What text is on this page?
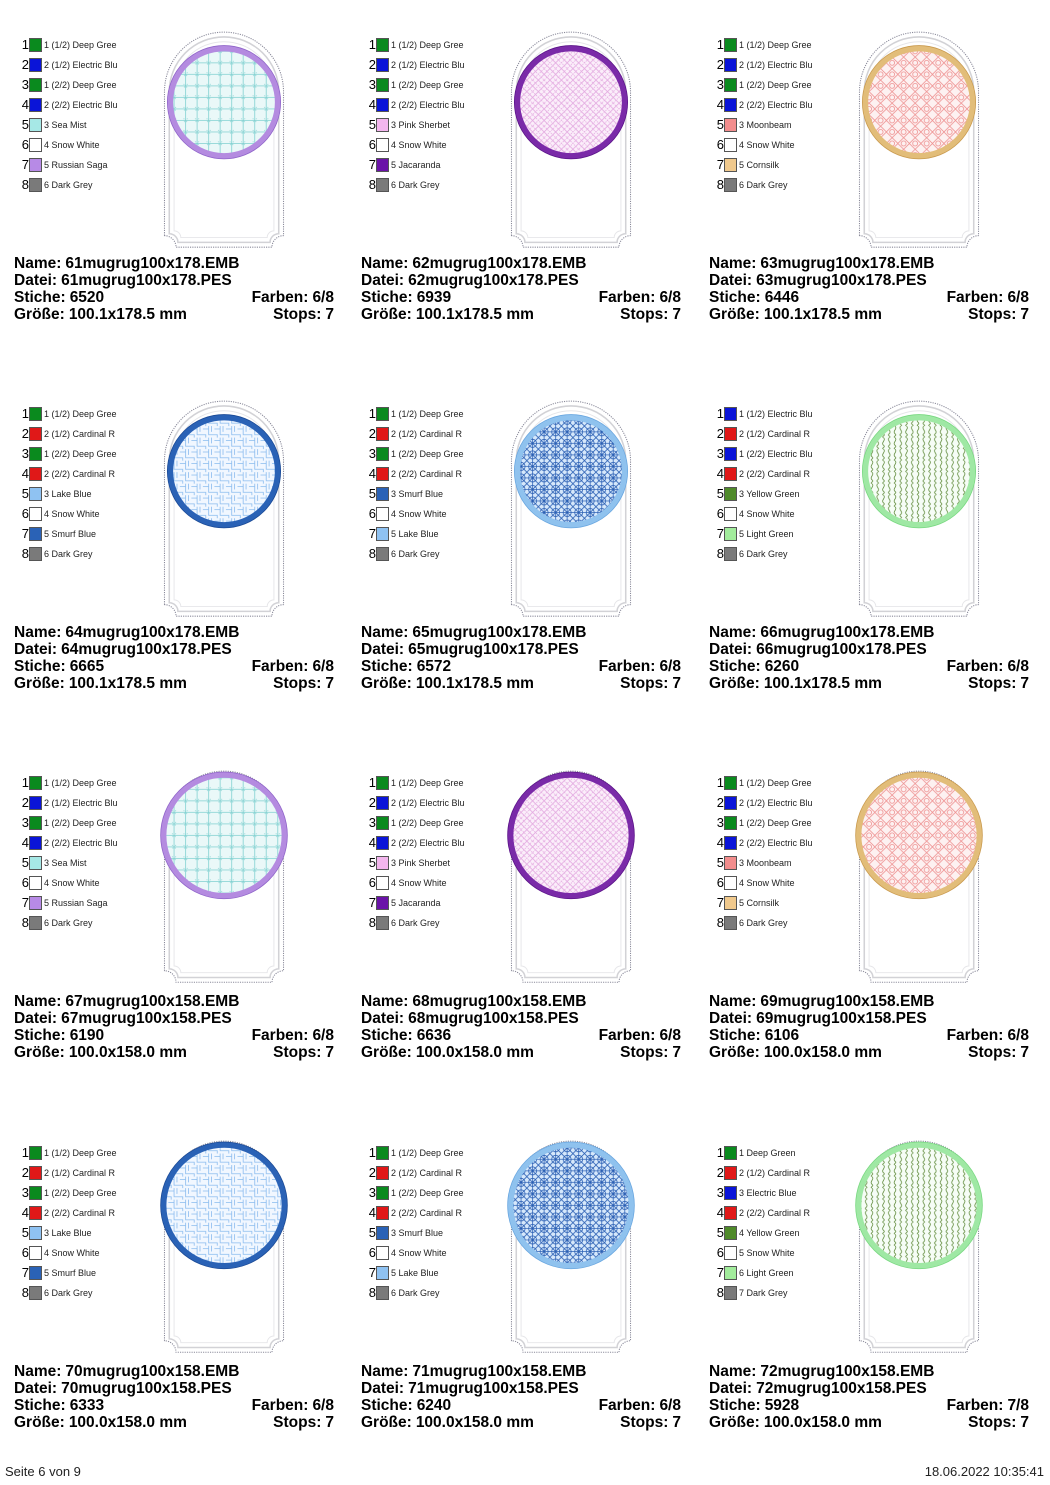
1 1 (1/2) Deep Gree
2 2 (1/2) Electric Blu
3 1 (2/2) Deep Gree
4 2 (2/2) Electric Blu
5 3 Sea Mist
6 4 Snow White
7 5 Russian Saga
8 6 Dark Grey
Name: 61mugrug100x178.EMB
Datei: 61mugrug100x178.PES
Stiche: 6520	Farben: 6/8
Größe: 100.1x178.5 mm	Stops: 7
1 1 (1/2) Deep Gree
2 2 (1/2) Electric Blu
3 1 (2/2) Deep Gree
4 2 (2/2) Electric Blu
5 3 Pink Sherbet
6 4 Snow White
7 5 Jacaranda
8 6 Dark Grey
Name: 62mugrug100x178.EMB
Datei: 62mugrug100x178.PES
Stiche: 6939	Farben: 6/8
Größe: 100.1x178.5 mm	Stops: 7
1 1 (1/2) Deep Gree
2 2 (1/2) Electric Blu
3 1 (2/2) Deep Gree
4 2 (2/2) Electric Blu
5 3 Moonbeam
6 4 Snow White
7 5 Cornsilk
8 6 Dark Grey
Name: 63mugrug100x178.EMB
Datei: 63mugrug100x178.PES
Stiche: 6446	Farben: 6/8
Größe: 100.1x178.5 mm	Stops: 7
1 1 (1/2) Deep Gree
2 2 (1/2) Cardinal R
3 1 (2/2) Deep Gree
4 2 (2/2) Cardinal R
5 3 Lake Blue
6 4 Snow White
7 5 Smurf Blue
8 6 Dark Grey
Name: 64mugrug100x178.EMB
Datei: 64mugrug100x178.PES
Stiche: 6665	Farben: 6/8
Größe: 100.1x178.5 mm	Stops: 7
1 1 (1/2) Deep Gree
2 2 (1/2) Cardinal R
3 1 (2/2) Deep Gree
4 2 (2/2) Cardinal R
5 3 Smurf Blue
6 4 Snow White
7 5 Lake Blue
8 6 Dark Grey
Name: 65mugrug100x178.EMB
Datei: 65mugrug100x178.PES
Stiche: 6572	Farben: 6/8
Größe: 100.1x178.5 mm	Stops: 7
1 1 (1/2) Electric Blu
2 2 (1/2) Cardinal R
3 1 (2/2) Electric Blu
4 2 (2/2) Cardinal R
5 3 Yellow Green
6 4 Snow White
7 5 Light Green
8 6 Dark Grey
Name: 66mugrug100x178.EMB
Datei: 66mugrug100x178.PES
Stiche: 6260	Farben: 6/8
Größe: 100.1x178.5 mm	Stops: 7
1 1 (1/2) Deep Gree
2 2 (1/2) Electric Blu
3 1 (2/2) Deep Gree
4 2 (2/2) Electric Blu
5 3 Sea Mist
6 4 Snow White
7 5 Russian Saga
8 6 Dark Grey
Name: 67mugrug100x158.EMB
Datei: 67mugrug100x158.PES
Stiche: 6190	Farben: 6/8
Größe: 100.0x158.0 mm	Stops: 7
1 1 (1/2) Deep Gree
2 2 (1/2) Electric Blu
3 1 (2/2) Deep Gree
4 2 (2/2) Electric Blu
5 3 Pink Sherbet
6 4 Snow White
7 5 Jacaranda
8 6 Dark Grey
Name: 68mugrug100x158.EMB
Datei: 68mugrug100x158.PES
Stiche: 6636	Farben: 6/8
Größe: 100.0x158.0 mm	Stops: 7
1 1 (1/2) Deep Gree
2 2 (1/2) Electric Blu
3 1 (2/2) Deep Gree
4 2 (2/2) Electric Blu
5 3 Moonbeam
6 4 Snow White
7 5 Cornsilk
8 6 Dark Grey
Name: 69mugrug100x158.EMB
Datei: 69mugrug100x158.PES
Stiche: 6106	Farben: 6/8
Größe: 100.0x158.0 mm	Stops: 7
1 1 (1/2) Deep Gree
2 2 (1/2) Cardinal R
3 1 (2/2) Deep Gree
4 2 (2/2) Cardinal R
5 3 Lake Blue
6 4 Snow White
7 5 Smurf Blue
8 6 Dark Grey
Name: 70mugrug100x158.EMB
Datei: 70mugrug100x158.PES
Stiche: 6333	Farben: 6/8
Größe: 100.0x158.0 mm	Stops: 7
1 1 (1/2) Deep Gree
2 2 (1/2) Cardinal R
3 1 (2/2) Deep Gree
4 2 (2/2) Cardinal R
5 3 Smurf Blue
6 4 Snow White
7 5 Lake Blue
8 6 Dark Grey
Name: 71mugrug100x158.EMB
Datei: 71mugrug100x158.PES
Stiche: 6240	Farben: 6/8
Größe: 100.0x158.0 mm	Stops: 7
1 1 Deep Green
2 2 (1/2) Cardinal R
3 3 Electric Blue
4 2 (2/2) Cardinal R
5 4 Yellow Green
6 5 Snow White
7 6 Light Green
8 7 Dark Grey
Name: 72mugrug100x158.EMB
Datei: 72mugrug100x158.PES
Stiche: 5928	Farben: 7/8
Größe: 100.0x158.0 mm	Stops: 7
Seite 6 von 9	18.06.2022 10:35:41
